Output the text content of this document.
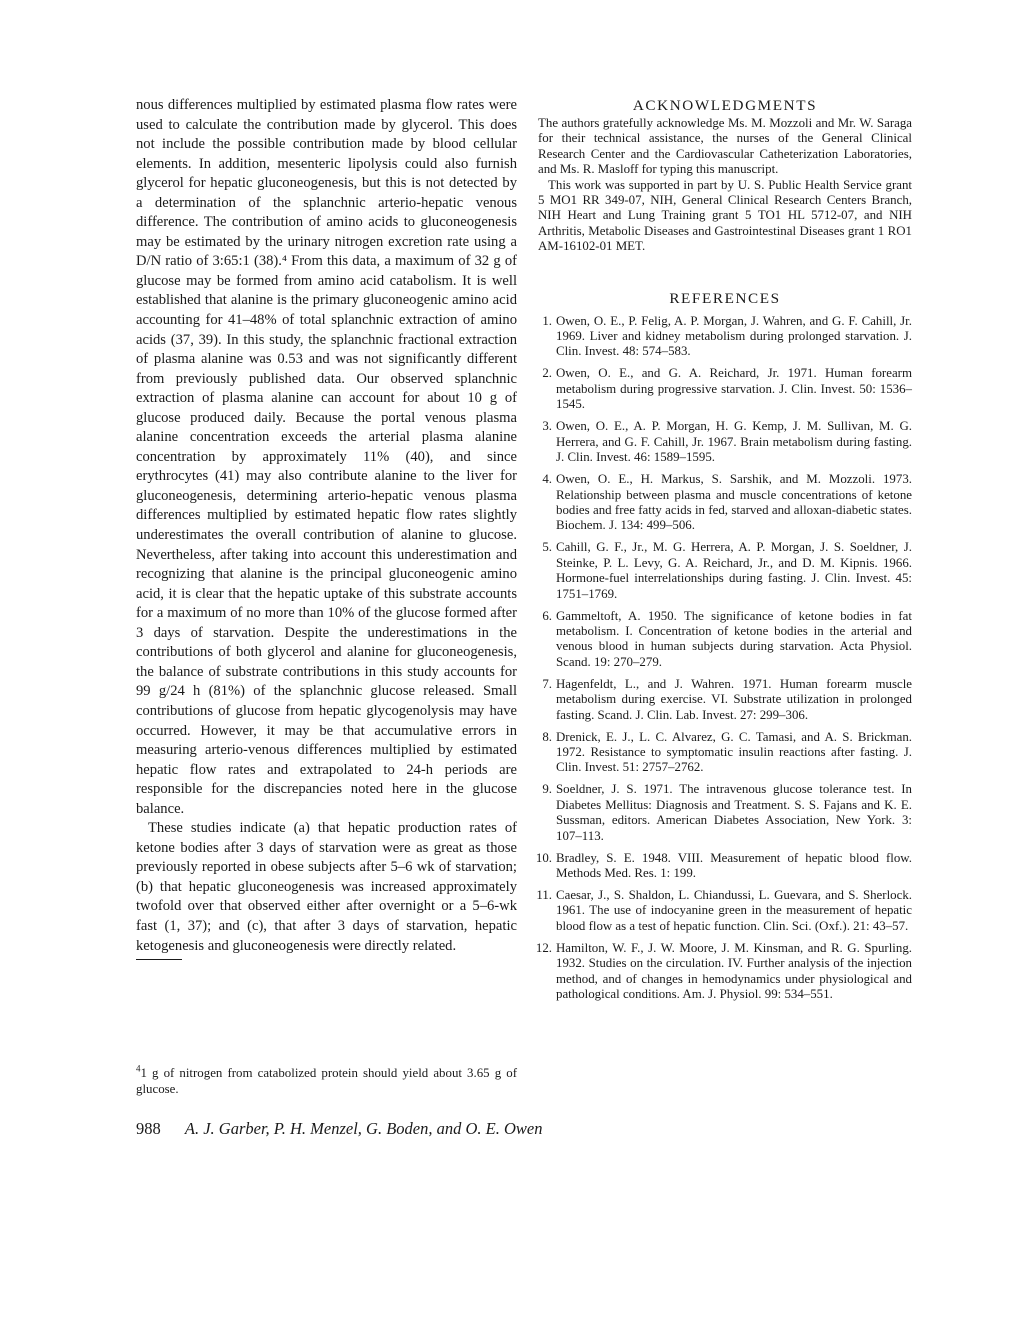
nous differences multiplied by estimated plasma flow rates were used to calculate the contribution made by glycerol. This does not include the possible contribution made by blood cellular elements. In addition, mesenteric lipolysis could also furnish glycerol for hepatic gluconeogenesis, but this is not detected by a determination of the splanchnic arterio-hepatic venous difference. The contribution of amino acids to gluconeogenesis may be estimated by the urinary nitrogen excretion rate using a D/N ratio of 3:65:1 (38).⁴ From this data, a maximum of 32 g of glucose may be formed from amino acid catabolism. It is well established that alanine is the primary gluconeogenic amino acid accounting for 41–48% of total splanchnic extraction of amino acids (37, 39). In this study, the splanchnic fractional extraction of plasma alanine was 0.53 and was not significantly different from previously published data. Our observed splanchnic extraction of plasma alanine can account for about 10 g of glucose produced daily. Because the portal venous plasma alanine concentration exceeds the arterial plasma alanine concentration by approximately 11% (40), and since erythrocytes (41) may also contribute alanine to the liver for gluconeogenesis, determining arterio-hepatic venous plasma differences multiplied by estimated hepatic flow rates slightly underestimates the overall contribution of alanine to glucose. Nevertheless, after taking into account this underestimation and recognizing that alanine is the principal gluconeogenic amino acid, it is clear that the hepatic uptake of this substrate accounts for a maximum of no more than 10% of the glucose formed after 3 days of starvation. Despite the underestimations in the contributions of both glycerol and alanine for gluconeogenesis, the balance of substrate contributions in this study accounts for 99 g/24 h (81%) of the splanchnic glucose released. Small contributions of glucose from hepatic glycogenolysis may have occurred. However, it may be that accumulative errors in measuring arterio-venous differences multiplied by estimated hepatic flow rates and extrapolated to 24-h periods are responsible for the discrepancies noted here in the glucose balance.

These studies indicate (a) that hepatic production rates of ketone bodies after 3 days of starvation were as great as those previously reported in obese subjects after 5–6 wk of starvation; (b) that hepatic gluconeogenesis was increased approximately twofold over that observed either after overnight or a 5–6-wk fast (1, 37); and (c), that after 3 days of starvation, hepatic ketogenesis and gluconeogenesis were directly related.

$^4$1 g of nitrogen from catabolized protein should yield about 3.65 g of glucose.
ACKNOWLEDGMENTS

The authors gratefully acknowledge Ms. M. Mozzoli and Mr. W. Saraga for their technical assistance, the nurses of the General Clinical Research Center and the Cardiovascular Catheterization Laboratories, and Ms. R. Masloff for typing this manuscript.

This work was supported in part by U. S. Public Health Service grant 5 MO1 RR 349-07, NIH, General Clinical Research Centers Branch, NIH Heart and Lung Training grant 5 TO1 HL 5712-07, and NIH Arthritis, Metabolic Diseases and Gastrointestinal Diseases grant 1 RO1 AM-16102-01 MET.

REFERENCES
1. Owen, O. E., P. Felig, A. P. Morgan, J. Wahren, and G. F. Cahill, Jr. 1969. Liver and kidney metabolism during prolonged starvation. J. Clin. Invest. 48: 574–583.
2. Owen, O. E., and G. A. Reichard, Jr. 1971. Human forearm metabolism during progressive starvation. J. Clin. Invest. 50: 1536–1545.
3. Owen, O. E., A. P. Morgan, H. G. Kemp, J. M. Sullivan, M. G. Herrera, and G. F. Cahill, Jr. 1967. Brain metabolism during fasting. J. Clin. Invest. 46: 1589–1595.
4. Owen, O. E., H. Markus, S. Sarshik, and M. Mozzoli. 1973. Relationship between plasma and muscle concentrations of ketone bodies and free fatty acids in fed, starved and alloxan-diabetic states. Biochem. J. 134: 499–506.
5. Cahill, G. F., Jr., M. G. Herrera, A. P. Morgan, J. S. Soeldner, J. Steinke, P. L. Levy, G. A. Reichard, Jr., and D. M. Kipnis. 1966. Hormone-fuel interrelationships during fasting. J. Clin. Invest. 45: 1751–1769.
6. Gammeltoft, A. 1950. The significance of ketone bodies in fat metabolism. I. Concentration of ketone bodies in the arterial and venous blood in human subjects during starvation. Acta Physiol. Scand. 19: 270–279.
7. Hagenfeldt, L., and J. Wahren. 1971. Human forearm muscle metabolism during exercise. VI. Substrate utilization in prolonged fasting. Scand. J. Clin. Lab. Invest. 27: 299–306.
8. Drenick, E. J., L. C. Alvarez, G. C. Tamasi, and A. S. Brickman. 1972. Resistance to symptomatic insulin reactions after fasting. J. Clin. Invest. 51: 2757–2762.
9. Soeldner, J. S. 1971. The intravenous glucose tolerance test. In Diabetes Mellitus: Diagnosis and Treatment. S. S. Fajans and K. E. Sussman, editors. American Diabetes Association, New York. 3: 107–113.
10. Bradley, S. E. 1948. VIII. Measurement of hepatic blood flow. Methods Med. Res. 1: 199.
11. Caesar, J., S. Shaldon, L. Chiandussi, L. Guevara, and S. Sherlock. 1961. The use of indocyanine green in the measurement of hepatic blood flow as a test of hepatic function. Clin. Sci. (Oxf.). 21: 43–57.
12. Hamilton, W. F., J. W. Moore, J. M. Kinsman, and R. G. Spurling. 1932. Studies on the circulation. IV. Further analysis of the injection method, and of changes in hemodynamics under physiological and pathological conditions. Am. J. Physiol. 99: 534–551.
988 A. J. Garber, P. H. Menzel, G. Boden, and O. E. Owen
